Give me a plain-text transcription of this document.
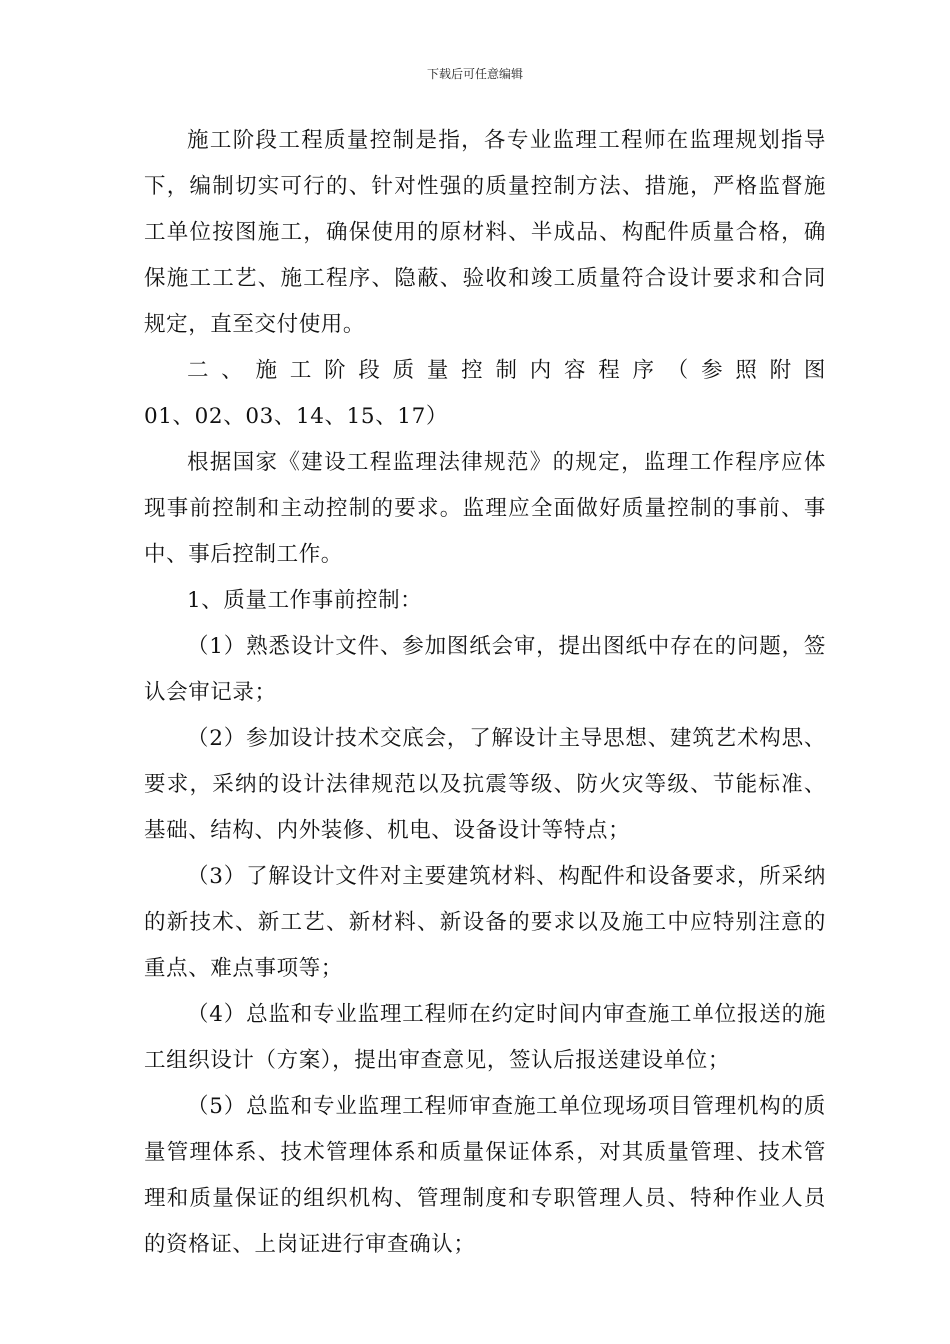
下载后可任意编辑

施工阶段工程质量控制是指，各专业监理工程师在监理规划指导下，编制切实可行的、针对性强的质量控制方法、措施，严格监督施工单位按图施工，确保使用的原材料、半成品、构配件质量合格，确保施工工艺、施工程序、隐蔽、验收和竣工质量符合设计要求和合同规定，直至交付使用。

二、施工阶段质量控制内容程序（参照附图
01、02、03、14、15、17）

根据国家《建设工程监理法律规范》的规定，监理工作程序应体现事前控制和主动控制的要求。监理应全面做好质量控制的事前、事中、事后控制工作。

1、质量工作事前控制：

（1）熟悉设计文件、参加图纸会审，提出图纸中存在的问题，签认会审记录；

（2）参加设计技术交底会，了解设计主导思想、建筑艺术构思、要求，采纳的设计法律规范以及抗震等级、防火灾等级、节能标准、基础、结构、内外装修、机电、设备设计等特点；

（3）了解设计文件对主要建筑材料、构配件和设备要求，所采纳的新技术、新工艺、新材料、新设备的要求以及施工中应特别注意的重点、难点事项等；

（4）总监和专业监理工程师在约定时间内审查施工单位报送的施工组织设计（方案），提出审查意见，签认后报送建设单位；

（5）总监和专业监理工程师审查施工单位现场项目管理机构的质量管理体系、技术管理体系和质量保证体系，对其质量管理、技术管理和质量保证的组织机构、管理制度和专职管理人员、特种作业人员的资格证、上岗证进行审查确认；
